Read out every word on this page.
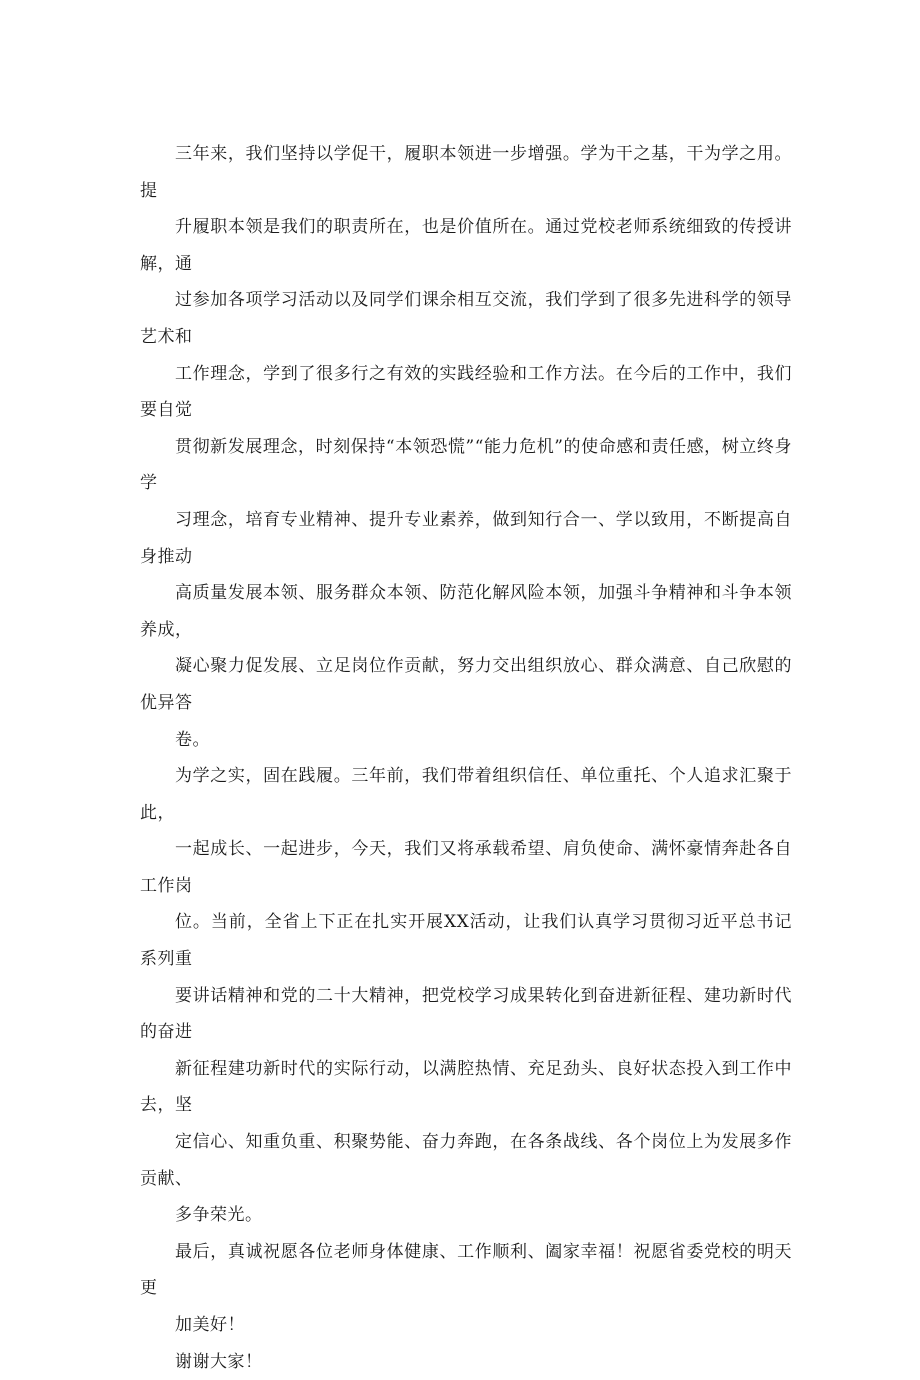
三年来，我们坚持以学促干，履职本领进一步增强。学为干之基，干为学之用。提
升履职本领是我们的职责所在，也是价值所在。通过党校老师系统细致的传授讲解，通
过参加各项学习活动以及同学们课余相互交流，我们学到了很多先进科学的领导艺术和
工作理念，学到了很多行之有效的实践经验和工作方法。在今后的工作中，我们要自觉
贯彻新发展理念，时刻保持“本领恐慌”“能力危机”的使命感和责任感，树立终身学
习理念，培育专业精神、提升专业素养，做到知行合一、学以致用，不断提高自身推动
高质量发展本领、服务群众本领、防范化解风险本领，加强斗争精神和斗争本领养成，
凝心聚力促发展、立足岗位作贡献，努力交出组织放心、群众满意、自己欣慰的优异答
卷。

为学之实，固在践履。三年前，我们带着组织信任、单位重托、个人追求汇聚于此，
一起成长、一起进步，今天，我们又将承载希望、肩负使命、满怀豪情奔赴各自工作岗
位。当前，全省上下正在扎实开展XX活动，让我们认真学习贯彻习近平总书记系列重
要讲话精神和党的二十大精神，把党校学习成果转化到奋进新征程、建功新时代的奋进
新征程建功新时代的实际行动，以满腔热情、充足劲头、良好状态投入到工作中去，坚
定信心、知重负重、积聚势能、奋力奔跑，在各条战线、各个岗位上为发展多作贡献、
多争荣光。

最后，真诚祝愿各位老师身体健康、工作顺利、阖家幸福！祝愿省委党校的明天更
加美好！

谢谢大家！
